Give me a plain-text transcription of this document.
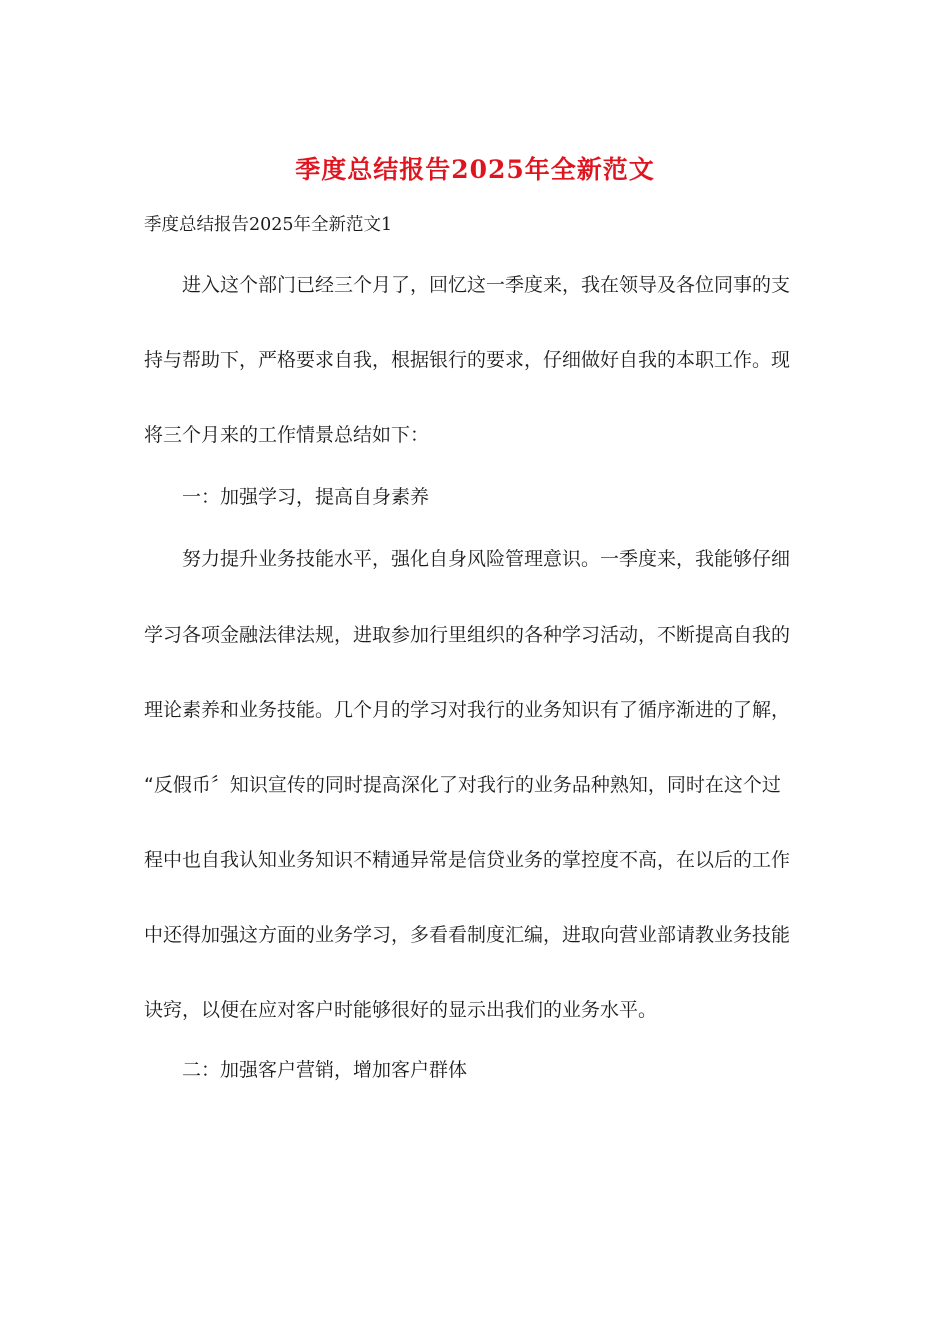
季度总结报告2025年全新范文
季度总结报告2025年全新范文1
进入这个部门已经三个月了，回忆这一季度来，我在领导及各位同事的支
持与帮助下，严格要求自我，根据银行的要求，仔细做好自我的本职工作。现
将三个月来的工作情景总结如下：
一：加强学习，提高自身素养
努力提升业务技能水平，强化自身风险管理意识。一季度来，我能够仔细
学习各项金融法律法规，进取参加行里组织的各种学习活动，不断提高自我的
理论素养和业务技能。几个月的学习对我行的业务知识有了循序渐进的了解，
“反假币〞知识宣传的同时提高深化了对我行的业务品种熟知，同时在这个过
程中也自我认知业务知识不精通异常是信贷业务的掌控度不高，在以后的工作
中还得加强这方面的业务学习，多看看制度汇编，进取向营业部请教业务技能
诀窍，以便在应对客户时能够很好的显示出我们的业务水平。
二：加强客户营销，增加客户群体
